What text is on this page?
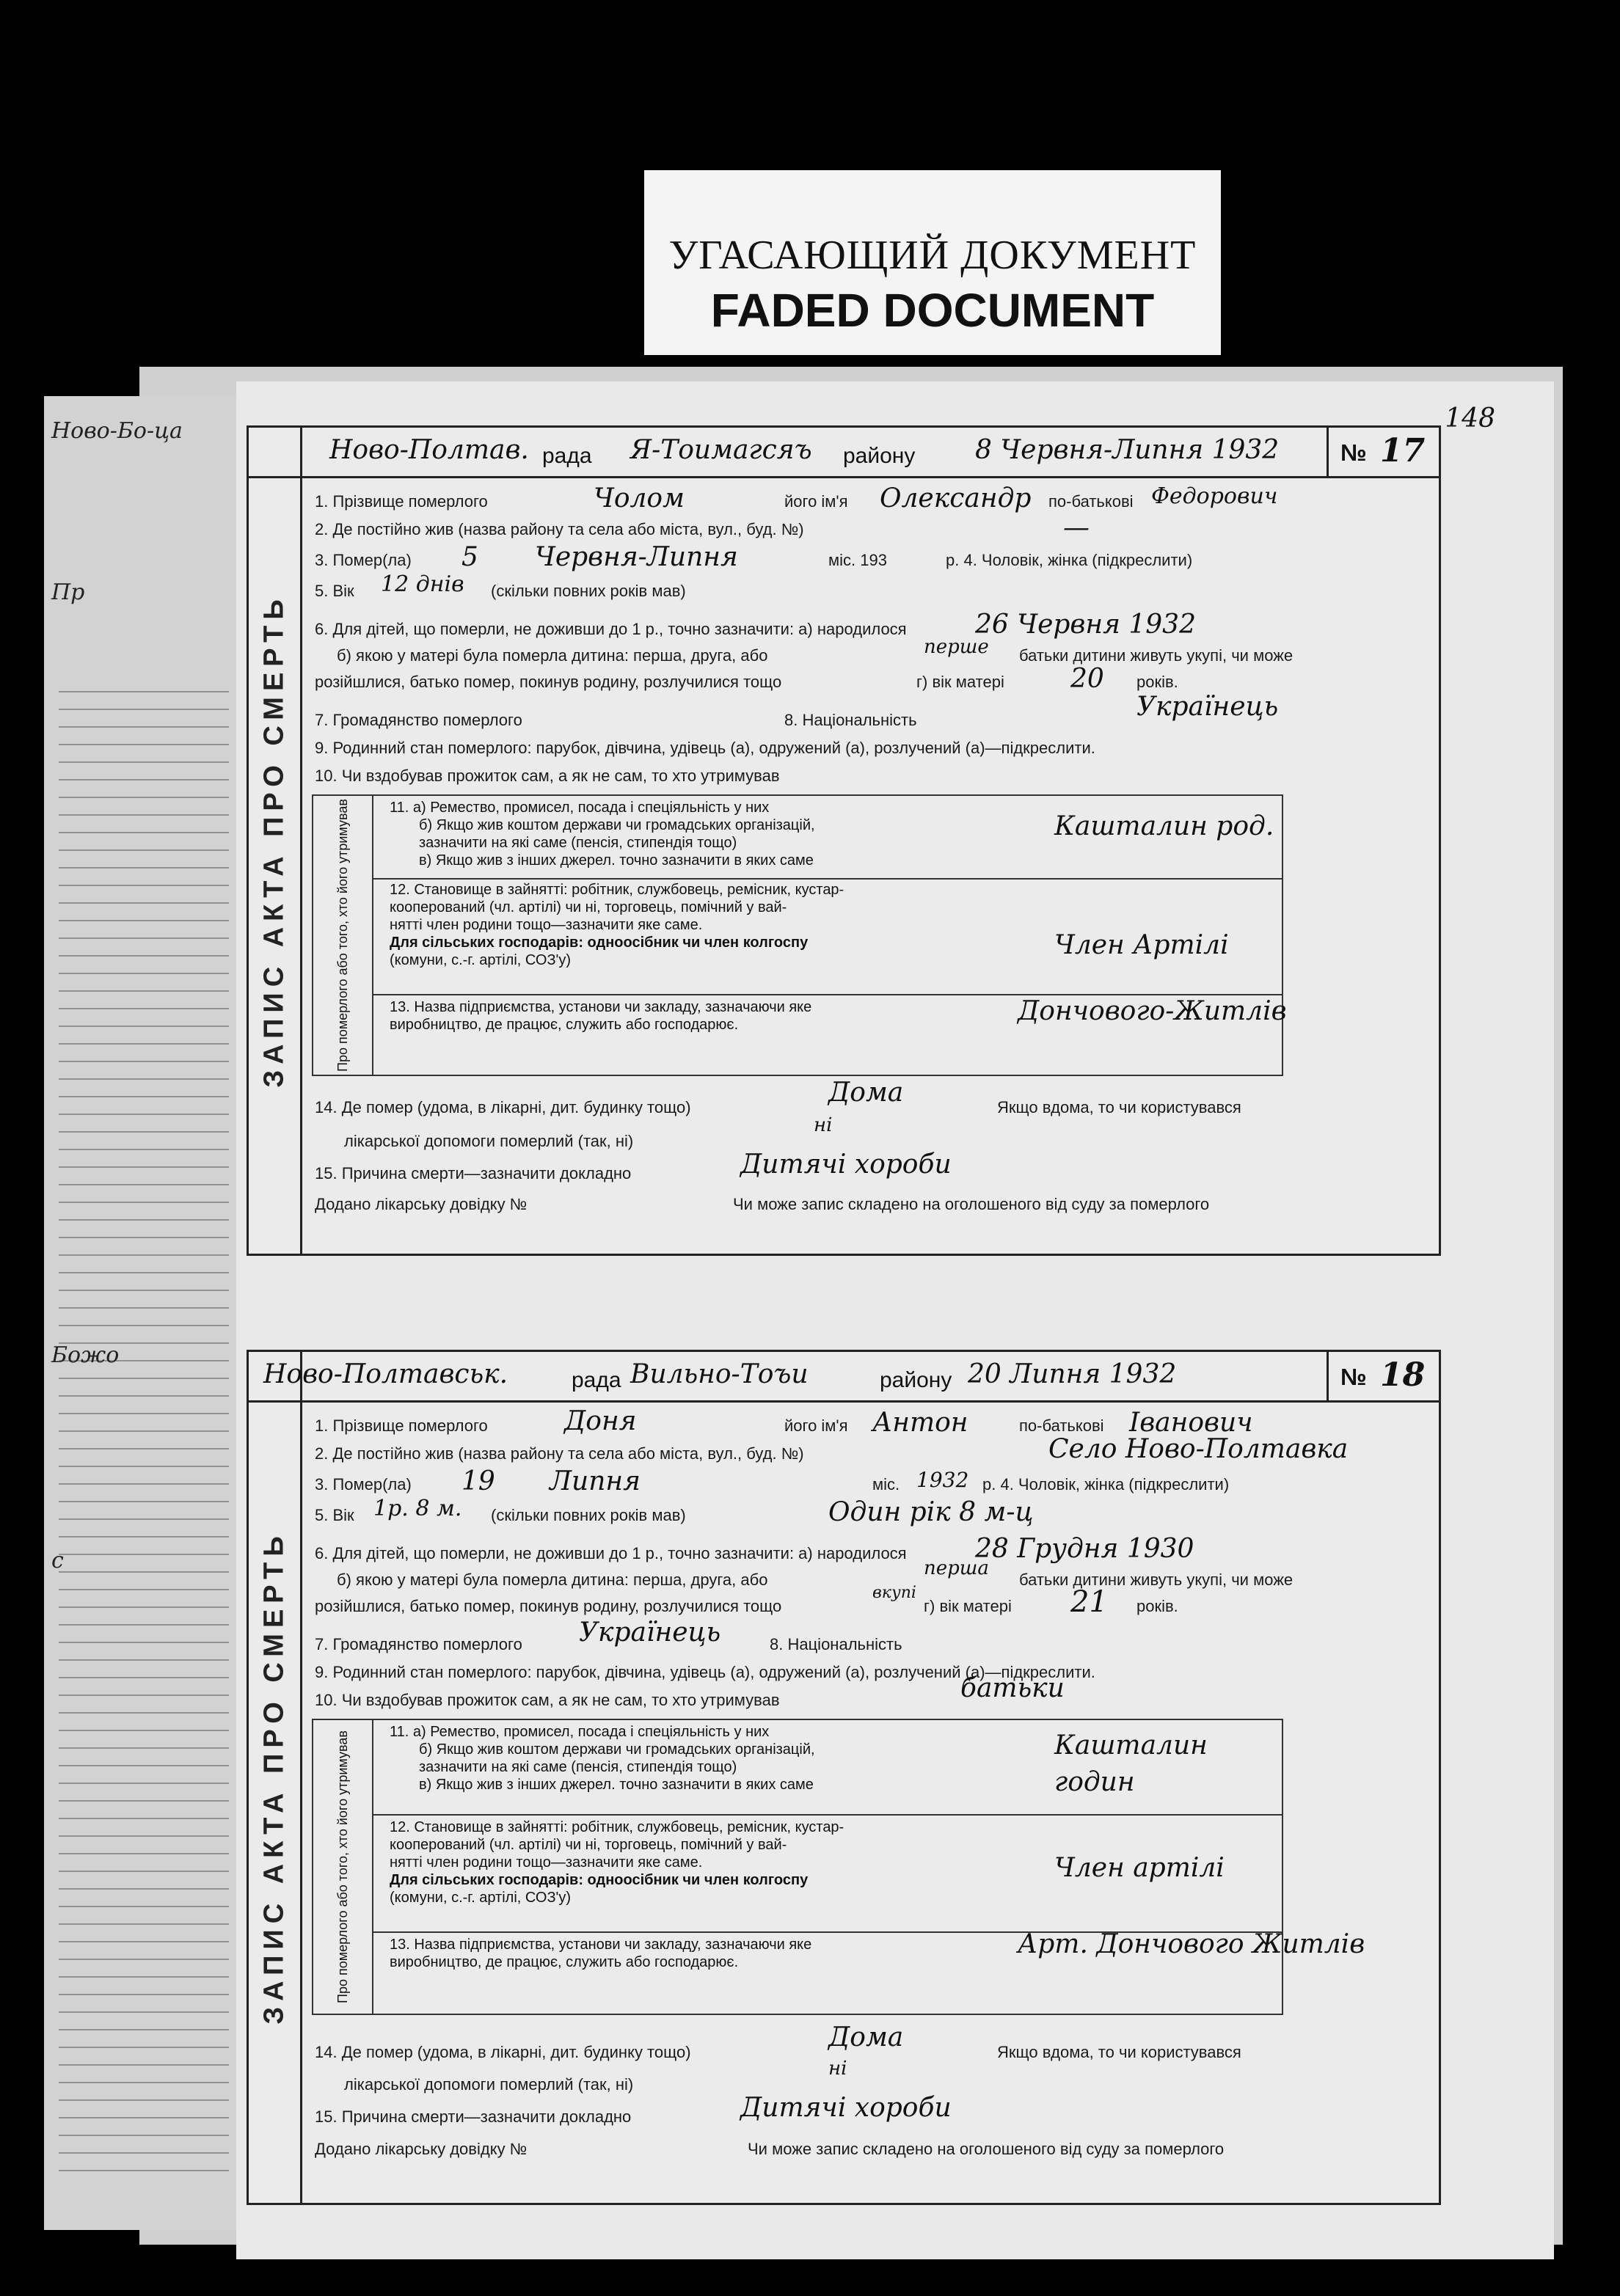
УГАСАЮЩИЙ ДОКУМЕНТ
FADED DOCUMENT
Ново-Бо-ца
Пр
Божо
с
148
ЗАПИС АКТА ПРО СМЕРТЬ
Ново-Полтав. рада Я-Тоимагсяъ району 8 Червня-Липня 1932	№ 17
1. Прізвище померлого	Чолом	його ім'я Олександр по-батькові Федорович
2. Де постійно жив (назва району та села або міста, вул., буд. №)	—
3. Помер(ла) 5 Червня-Липня	міс. 193	р. 4. Чоловік, жінка (підкреслити)
5. Вік 12 днів (скільки повних років мав)
6. Для дітей, що померли, не доживши до 1 р., точно зазначити: а) народилося	26 Червня 1932
б) якою у матері була померла дитина: перша, друга, або	перше батьки дитини живуть укупі, чи може
розійшлися, батько помер, покинув родину, розлучилися тощо	г) вік матері	20 років.
7. Громадянство померлого	8. Національність	Українець
9. Родинний стан померлого: парубок, дівчина, удівець (а), одружений (а), розлучений (а)—підкреслити.
10. Чи вздобував прожиток сам, а як не сам, то хто утримував
Про померлого або того, хто його утримував	11. а) Ремество, промисел, посада і спеціяльність у них
б) Якщо жив коштом держави чи громадських організацій,
зазначити на які саме (пенсія, стипендія тощо)
в) Якщо жив з інших джерел. точно зазначити в яких саме
Кашталин род.
12. Становище в зайнятті: робітник, службовець, ремісник, кустар-
кооперований (чл. артілі) чи ні, торговець, помічний у вай-
нятті член родини тощо—зазначити яке саме.
Для сільських господарів: одноосібник чи член колгоспу
(комуни, с.-г. артілі, СОЗ'у)	Член Артілі
13. Назва підприємства, установи чи закладу, зазначаючи яке
виробництво, де працює, служить або господарює.	Дончового-Житлів
14. Де помер (удома, в лікарні, дит. будинку тощо)	Дома	Якщо вдома, то чи користувався
лікарської допомоги померлий (так, ні)
ні
15. Причина смерти—зазначити докладно	Дитячі хороби
Додано лікарську довідку №	Чи може запис складено на оголошеного від суду за померлого
ЗАПИС АКТА ПРО СМЕРТЬ
Ново-Полтавськ.	рада Вильно-Тоъи	району 20 Липня 1932	№ 18
1. Прізвище померлого	Доня	його ім'я Антон	по-батькові Іванович
2. Де постійно жив (назва району та села або міста, вул., буд. №)	Село Ново-Полтавка
3. Помер(ла) 19 Липня	міс. 1932 р. 4. Чоловік, жінка (підкреслити)
5. Вік 1р. 8 м. (скільки повних років мав)	Один рік 8 м-ц
6. Для дітей, що померли, не доживши до 1 р., точно зазначити: а) народилося	28 Грудня 1930
б) якою у матері була померла дитина: перша, друга, або
перша
батьки дитини живуть укупі, чи може
розійшлися, батько помер, покинув родину, розлучилися тощо
вкупі
г) вік матері 21 років.
7. Громадянство померлого Українець	8. Національність
9. Родинний стан померлого: парубок, дівчина, удівець (а), одружений (а), розлучений (а)—підкреслити.
10. Чи вздобував прожиток сам, а як не сам, то хто утримував	батьки
Про померлого або того, хто його утримував	11. а) Ремество, промисел, посада і спеціяльність у них
б) Якщо жив коштом держави чи громадських організацій,
зазначити на які саме (пенсія, стипендія тощо)
в) Якщо жив з інших джерел. точно зазначити в яких саме
Кашталин годин
12. Становище в зайнятті: робітник, службовець, ремісник, кустар-
кооперований (чл. артілі) чи ні, торговець, помічний у вай-
нятті член родини тощо—зазначити яке саме.
Для сільських господарів: одноосібник чи член колгоспу
(комуни, с.-г. артілі, СОЗ'у)
Член артілі
13. Назва підприємства, установи чи закладу, зазначаючи яке
виробництво, де працює, служить або господарює.
Арт. Дончового Житлів
14. Де помер (удома, в лікарні, дит. будинку тощо)	Дома	Якщо вдома, то чи користувався
лікарської допомоги померлий (так, ні)
ні
15. Причина смерти—зазначити докладно	Дитячі хороби
Додано лікарську довідку №	Чи може запис складено на оголошеного від суду за померлого
